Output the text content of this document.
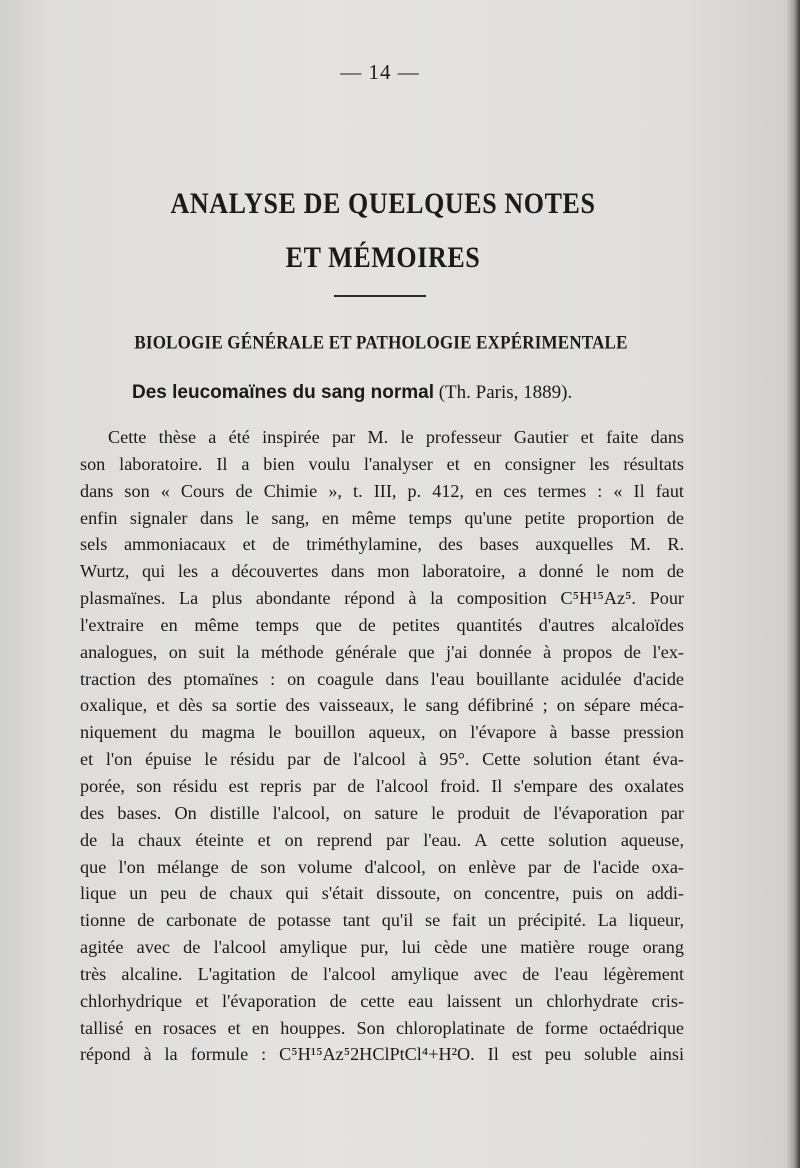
— 14 —
ANALYSE DE QUELQUES NOTES
ET MÉMOIRES
BIOLOGIE GÉNÉRALE ET PATHOLOGIE EXPÉRIMENTALE
Des leucomaïnes du sang normal (Th. Paris, 1889).
Cette thèse a été inspirée par M. le professeur Gautier et faite dans
son laboratoire. Il a bien voulu l'analyser et en consigner les résultats
dans son « Cours de Chimie », t. III, p. 412, en ces termes : « Il faut
enfin signaler dans le sang, en même temps qu'une petite proportion de
sels ammoniacaux et de triméthylamine, des bases auxquelles M. R.
Wurtz, qui les a découvertes dans mon laboratoire, a donné le nom de
plasmaïnes. La plus abondante répond à la composition C⁵H¹⁵Az⁵. Pour
l'extraire en même temps que de petites quantités d'autres alcaloïdes
analogues, on suit la méthode générale que j'ai donnée à propos de l'ex-
traction des ptomaïnes : on coagule dans l'eau bouillante acidulée d'acide
oxalique, et dès sa sortie des vaisseaux, le sang défibriné ; on sépare méca-
niquement du magma le bouillon aqueux, on l'évapore à basse pression
et l'on épuise le résidu par de l'alcool à 95°. Cette solution étant éva-
porée, son résidu est repris par de l'alcool froid. Il s'empare des oxalates
des bases. On distille l'alcool, on sature le produit de l'évaporation par
de la chaux éteinte et on reprend par l'eau. A cette solution aqueuse,
que l'on mélange de son volume d'alcool, on enlève par de l'acide oxa-
lique un peu de chaux qui s'était dissoute, on concentre, puis on addi-
tionne de carbonate de potasse tant qu'il se fait un précipité. La liqueur,
agitée avec de l'alcool amylique pur, lui cède une matière rouge orang
très alcaline. L'agitation de l'alcool amylique avec de l'eau légèrement
chlorhydrique et l'évaporation de cette eau laissent un chlorhydrate cris-
tallisé en rosaces et en houppes. Son chloroplatinate de forme octaédrique
répond à la formule : C⁵H¹⁵Az⁵2HClPtCl⁴+H²O. Il est peu soluble ainsi
